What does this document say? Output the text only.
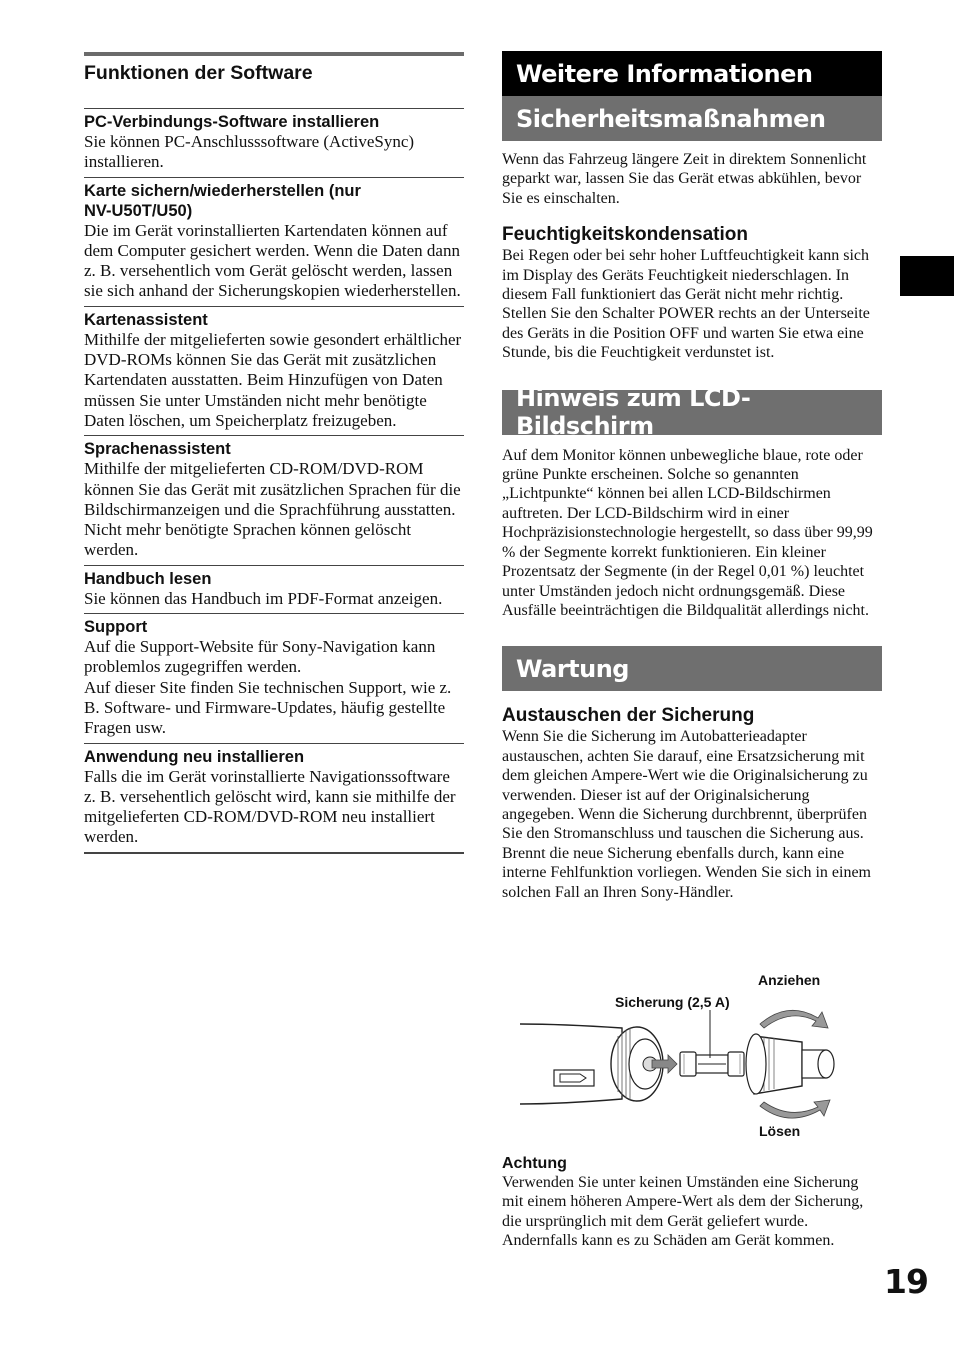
Funktionen der Software
PC-Verbindungs-Software installieren

Sie können PC-Anschlusssoftware (ActiveSync) installieren.

Karte sichern/wiederherstellen (nur NV-U50T/U50)

Die im Gerät vorinstallierten Kartendaten können auf dem Computer gesichert werden. Wenn die Daten dann z. B. versehentlich vom Gerät gelöscht werden, lassen sie sich anhand der Sicherungskopien wiederherstellen.

Kartenassistent

Mithilfe der mitgelieferten sowie gesondert erhältlicher DVD-ROMs können Sie das Gerät mit zusätzlichen Kartendaten ausstatten. Beim Hinzufügen von Daten müssen Sie unter Umständen nicht mehr benötigte Daten löschen, um Speicherplatz freizugeben.

Sprachenassistent

Mithilfe der mitgelieferten CD-ROM/DVD-ROM können Sie das Gerät mit zusätzlichen Sprachen für die Bildschirmanzeigen und die Sprachführung ausstatten. Nicht mehr benötigte Sprachen können gelöscht werden.

Handbuch lesen

Sie können das Handbuch im PDF-Format anzeigen.

Support

Auf die Support-Website für Sony-Navigation kann problemlos zugegriffen werden.

Auf dieser Site finden Sie technischen Support, wie z. B. Software- und Firmware-Updates, häufig gestellte Fragen usw.

Anwendung neu installieren

Falls die im Gerät vorinstallierte Navigationssoftware z. B. versehentlich gelöscht wird, kann sie mithilfe der mitgelieferten CD-ROM/DVD-ROM neu installiert werden.

Weitere Informationen
Sicherheitsmaßnahmen

Wenn das Fahrzeug längere Zeit in direktem Sonnenlicht geparkt war, lassen Sie das Gerät etwas abkühlen, bevor Sie es einschalten.

Feuchtigkeitskondensation

Bei Regen oder bei sehr hoher Luftfeuchtigkeit kann sich im Display des Geräts Feuchtigkeit niederschlagen. In diesem Fall funktioniert das Gerät nicht mehr richtig. Stellen Sie den Schalter POWER rechts an der Unterseite des Geräts in die Position OFF und warten Sie etwa eine Stunde, bis die Feuchtigkeit verdunstet ist.

Hinweis zum LCD-Bildschirm

Auf dem Monitor können unbewegliche blaue, rote oder grüne Punkte erscheinen. Solche so genannten „Lichtpunkte“ können bei allen LCD-Bildschirmen auftreten. Der LCD-Bildschirm wird in einer Hochpräzisionstechnologie hergestellt, so dass über 99,99 % der Segmente korrekt funktionieren. Ein kleiner Prozentsatz der Segmente (in der Regel 0,01 %) leuchtet unter Umständen jedoch nicht ordnungsgemäß. Diese Ausfälle beeinträchtigen die Bildqualität allerdings nicht.

Wartung
Austauschen der Sicherung

Wenn Sie die Sicherung im Autobatterieadapter austauschen, achten Sie darauf, eine Ersatzsicherung mit dem gleichen Ampere-Wert wie die Originalsicherung zu verwenden. Dieser ist auf der Originalsicherung angegeben. Wenn die Sicherung durchbrennt, überprüfen Sie den Stromanschluss und tauschen die Sicherung aus. Brennt die neue Sicherung ebenfalls durch, kann eine interne Fehlfunktion vorliegen. Wenden Sie sich in einem solchen Fall an Ihren Sony-Händler.

Anziehen
Sicherung (2,5 A)
Lösen
Achtung

Verwenden Sie unter keinen Umständen eine Sicherung mit einem höheren Ampere-Wert als dem der Sicherung, die ursprünglich mit dem Gerät geliefert wurde. Andernfalls kann es zu Schäden am Gerät kommen.

19
